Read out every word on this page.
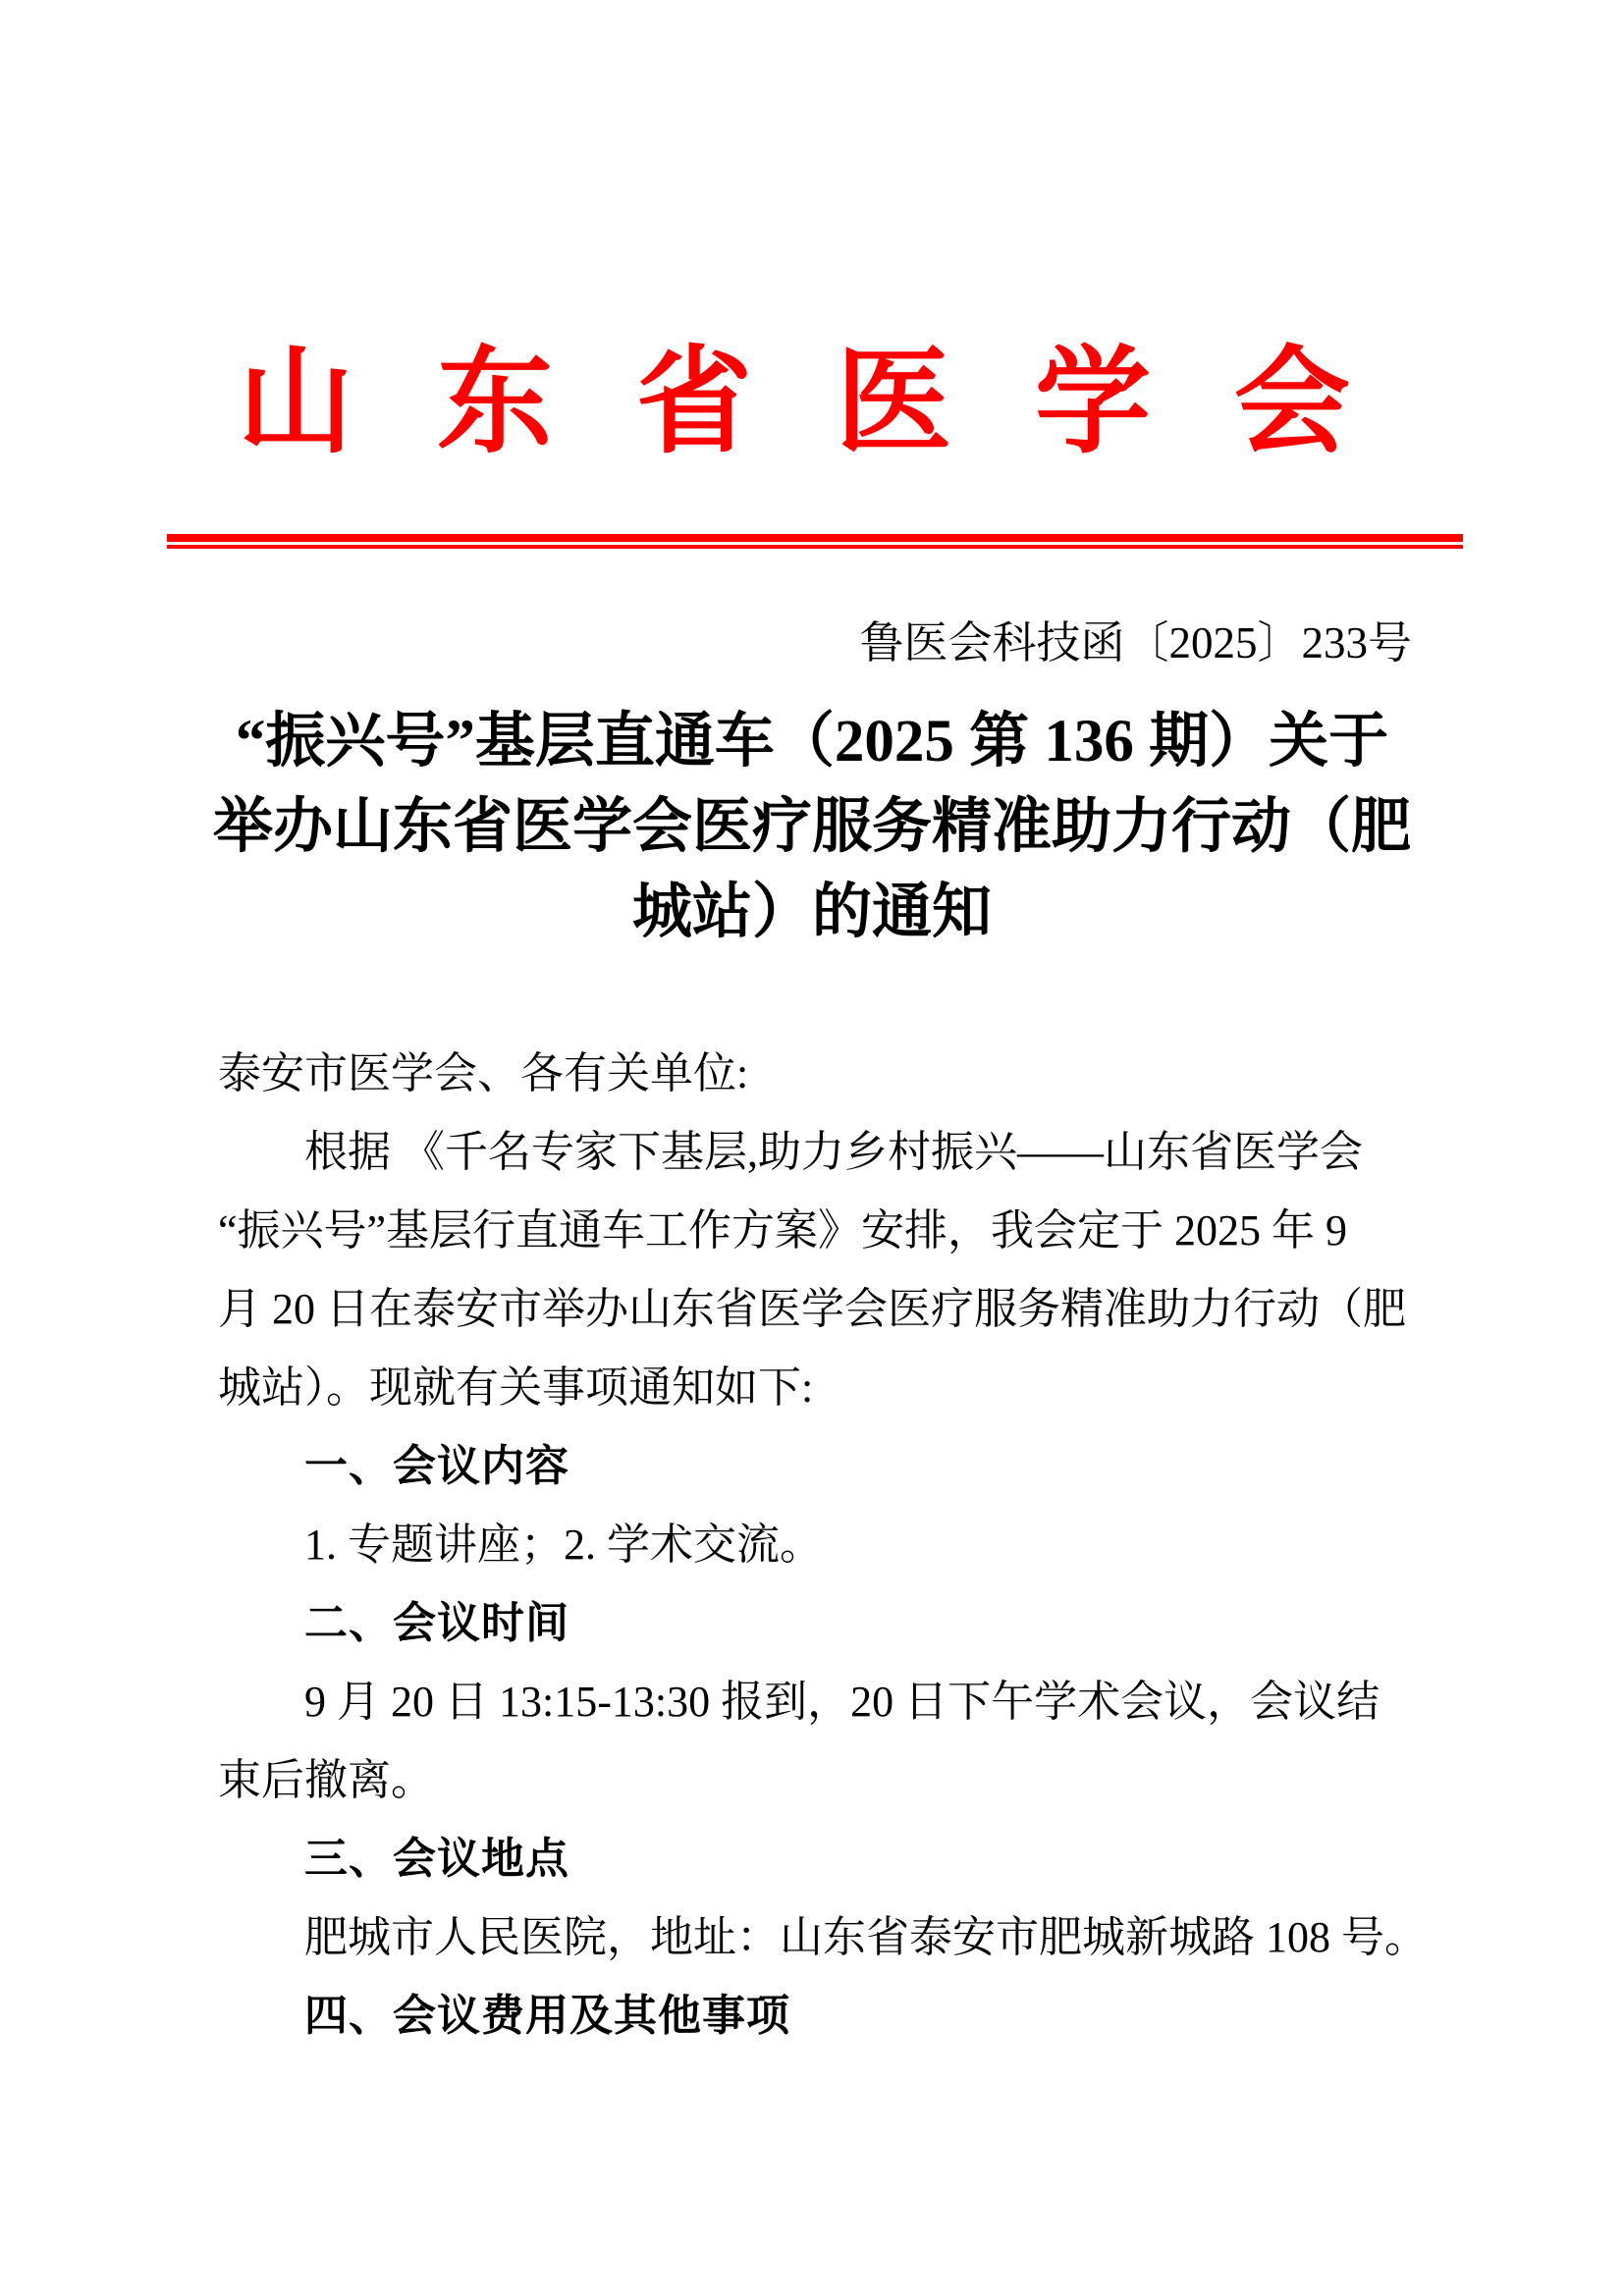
山东省医学会
鲁医会科技函〔2025〕233号
“振兴号”基层直通车（2025 第 136 期）关于
举办山东省医学会医疗服务精准助力行动（肥
城站）的通知
泰安市医学会、各有关单位:
根据 《千名专家下基层,助力乡村振兴——山东省医学会
“振兴号”基层行直通车工作方案》安排，我会定于 2025 年 9
月 20 日在泰安市举办山东省医学会医疗服务精准助力行动（肥
城站）。现就有关事项通知如下:
一、会议内容
1. 专题讲座；2. 学术交流。
二、会议时间
9 月 20 日 13:15-13:30 报到，20 日下午学术会议，会议结
束后撤离。
三、会议地点
肥城市人民医院，地址：山东省泰安市肥城新城路 108 号。
四、会议费用及其他事项
